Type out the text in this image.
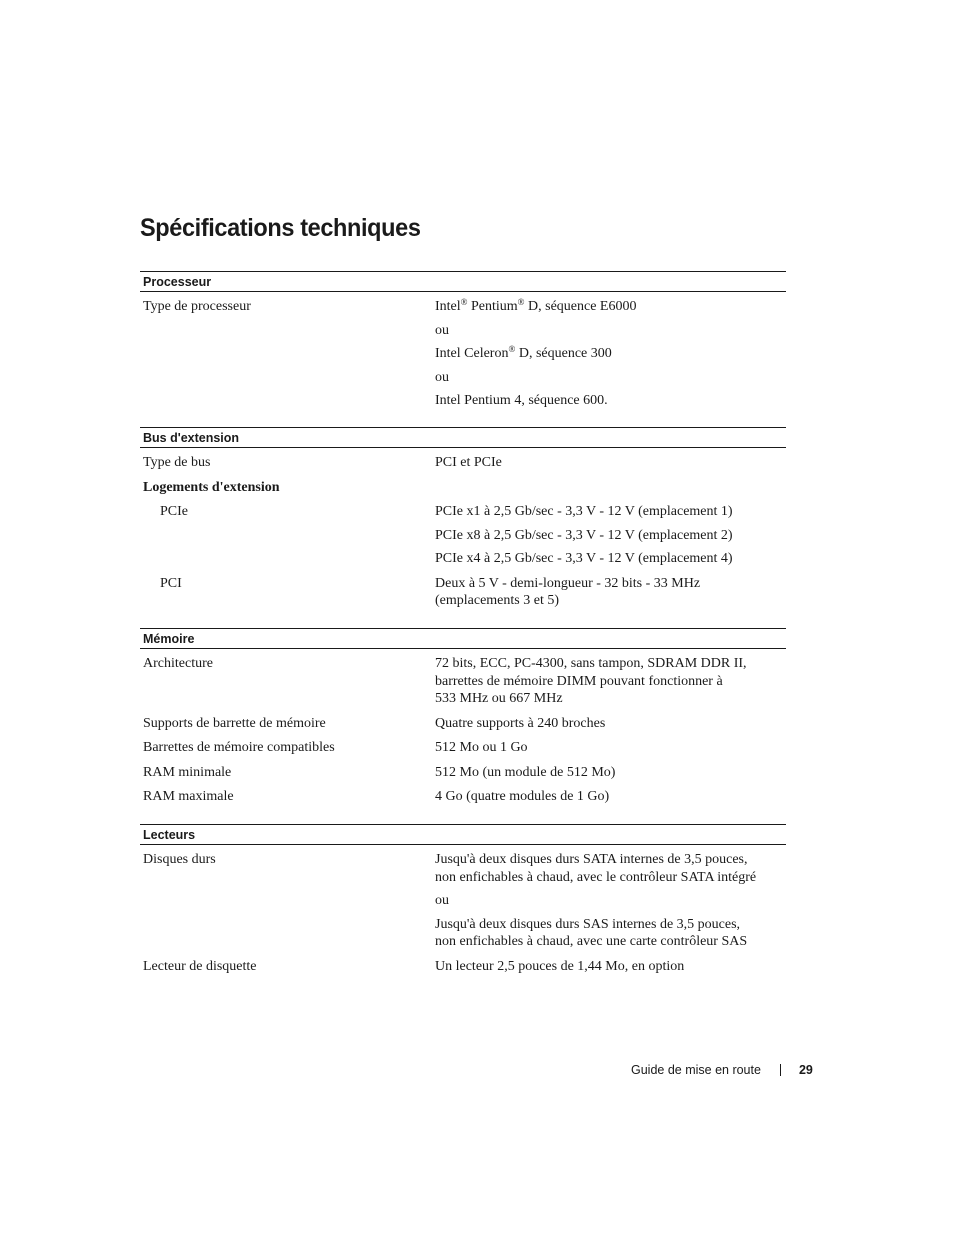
Spécifications techniques
Processeur
Type de processeur	Intel® Pentium® D, séquence E6000

ou

Intel Celeron® D, séquence 300

ou

Intel Pentium 4, séquence 600.

Bus d'extension
Type de bus	PCI et PCIe
Logements d'extension
PCIe	PCIe x1 à 2,5 Gb/sec - 3,3 V - 12 V (emplacement 1)

PCIe x8 à 2,5 Gb/sec - 3,3 V - 12 V (emplacement 2)

PCIe x4 à 2,5 Gb/sec - 3,3 V - 12 V (emplacement 4)

PCI	Deux à 5 V - demi-longueur - 32 bits - 33 MHz

(emplacements 3 et 5)

Mémoire
Architecture	72 bits, ECC, PC-4300, sans tampon, SDRAM DDR II,

barrettes de mémoire DIMM pouvant fonctionner à

533 MHz ou 667 MHz

Supports de barrette de mémoire	Quatre supports à 240 broches

Barrettes de mémoire compatibles	512 Mo ou 1 Go

RAM minimale	512 Mo (un module de 512 Mo)

RAM maximale	4 Go (quatre modules de 1 Go)

Lecteurs
Disques durs	Jusqu'à deux disques durs SATA internes de 3,5 pouces,

non enfichables à chaud, avec le contrôleur SATA intégré

ou

Jusqu'à deux disques durs SAS internes de 3,5 pouces,

non enfichables à chaud, avec une carte contrôleur SAS

Lecteur de disquette	Un lecteur 2,5 pouces de 1,44 Mo, en option
Guide de mise en route	29
